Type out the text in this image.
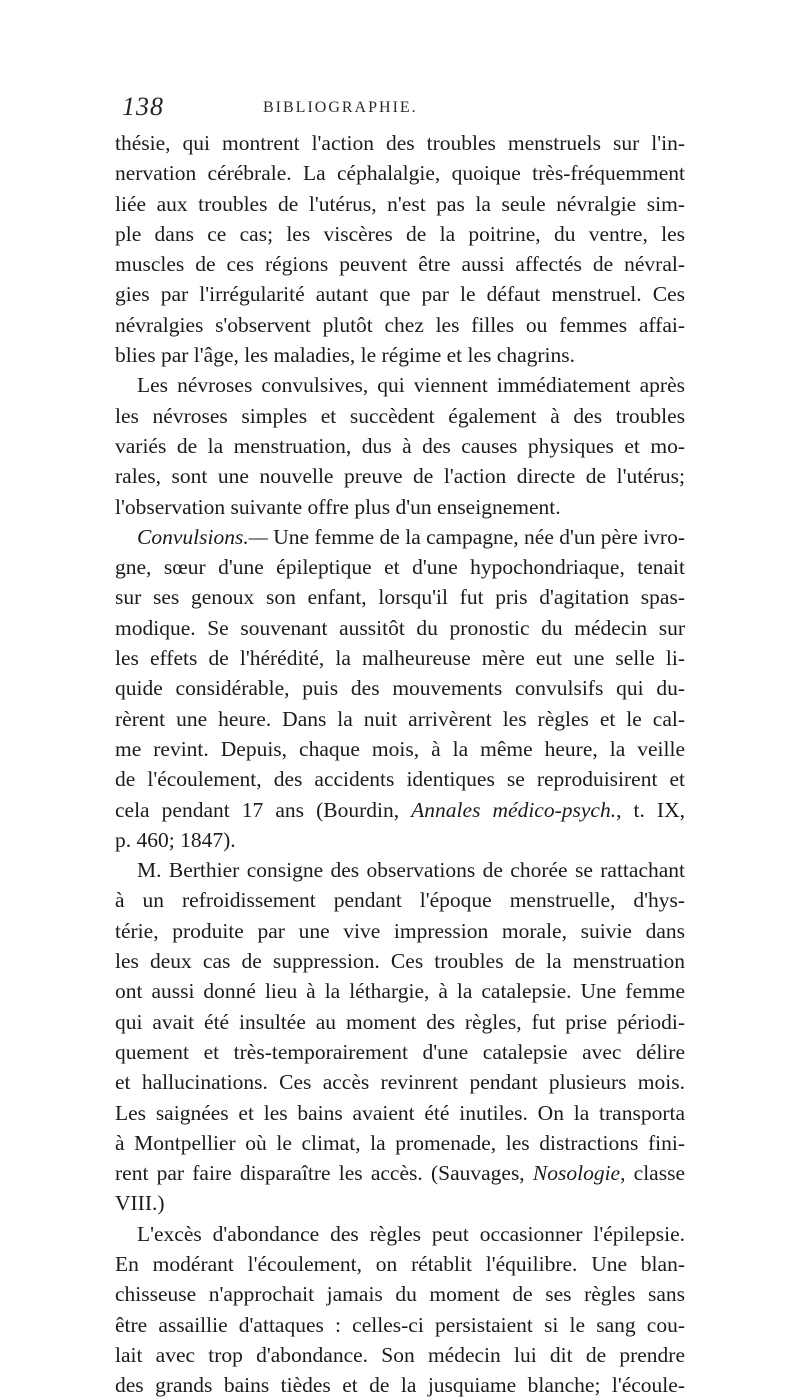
138	BIBLIOGRAPHIE.
thésie, qui montrent l'action des troubles menstruels sur l'in-
nervation cérébrale. La céphalalgie, quoique très-fréquemment
liée aux troubles de l'utérus, n'est pas la seule névralgie sim-
ple dans ce cas; les viscères de la poitrine, du ventre, les
muscles de ces régions peuvent être aussi affectés de névral-
gies par l'irrégularité autant que par le défaut menstruel. Ces
névralgies s'observent plutôt chez les filles ou femmes affai-
blies par l'âge, les maladies, le régime et les chagrins.
Les névroses convulsives, qui viennent immédiatement après
les névroses simples et succèdent également à des troubles
variés de la menstruation, dus à des causes physiques et mo-
rales, sont une nouvelle preuve de l'action directe de l'utérus;
l'observation suivante offre plus d'un enseignement.
Convulsions.— Une femme de la campagne, née d'un père ivro-
gne, sœur d'une épileptique et d'une hypochondriaque, tenait
sur ses genoux son enfant, lorsqu'il fut pris d'agitation spas-
modique. Se souvenant aussitôt du pronostic du médecin sur
les effets de l'hérédité, la malheureuse mère eut une selle li-
quide considérable, puis des mouvements convulsifs qui du-
rèrent une heure. Dans la nuit arrivèrent les règles et le cal-
me revint. Depuis, chaque mois, à la même heure, la veille
de l'écoulement, des accidents identiques se reproduisirent et
cela pendant 17 ans (Bourdin, Annales médico-psych., t. IX,
p. 460; 1847).
M. Berthier consigne des observations de chorée se rattachant
à un refroidissement pendant l'époque menstruelle, d'hys-
térie, produite par une vive impression morale, suivie dans
les deux cas de suppression. Ces troubles de la menstruation
ont aussi donné lieu à la léthargie, à la catalepsie. Une femme
qui avait été insultée au moment des règles, fut prise périodi-
quement et très-temporairement d'une catalepsie avec délire
et hallucinations. Ces accès revinrent pendant plusieurs mois.
Les saignées et les bains avaient été inutiles. On la transporta
à Montpellier où le climat, la promenade, les distractions fini-
rent par faire disparaître les accès. (Sauvages, Nosologie, classe
VIII.)
L'excès d'abondance des règles peut occasionner l'épilepsie.
En modérant l'écoulement, on rétablit l'équilibre. Une blan-
chisseuse n'approchait jamais du moment de ses règles sans
être assaillie d'attaques : celles-ci persistaient si le sang cou-
lait avec trop d'abondance. Son médecin lui dit de prendre
des grands bains tièdes et de la jusquiame blanche; l'écoule-
